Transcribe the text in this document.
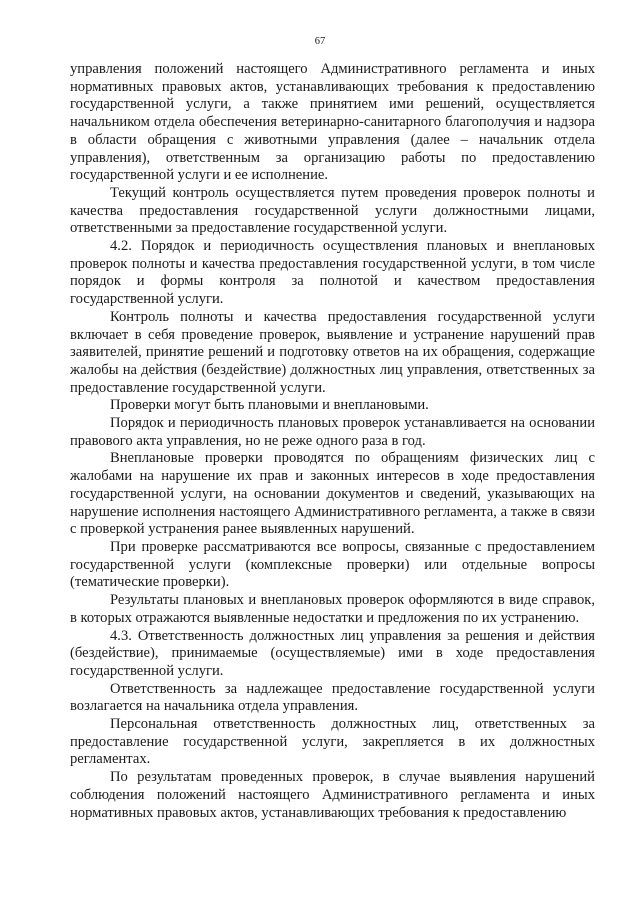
67

управления положений настоящего Административного регламента и иных нормативных правовых актов, устанавливающих требования к предоставлению государственной услуги, а также принятием ими решений, осуществляется начальником отдела обеспечения ветеринарно-санитарного благополучия и надзора в области обращения с животными управления (далее – начальник отдела управления), ответственным за организацию работы по предоставлению государственной услуги и ее исполнение.

Текущий контроль осуществляется путем проведения проверок полноты и качества предоставления государственной услуги должностными лицами, ответственными за предоставление государственной услуги.

4.2. Порядок и периодичность осуществления плановых и внеплановых проверок полноты и качества предоставления государственной услуги, в том числе порядок и формы контроля за полнотой и качеством предоставления государственной услуги.

Контроль полноты и качества предоставления государственной услуги включает в себя проведение проверок, выявление и устранение нарушений прав заявителей, принятие решений и подготовку ответов на их обращения, содержащие жалобы на действия (бездействие) должностных лиц управления, ответственных за предоставление государственной услуги.

Проверки могут быть плановыми и внеплановыми.

Порядок и периодичность плановых проверок устанавливается на основании правового акта управления, но не реже одного раза в год.

Внеплановые проверки проводятся по обращениям физических лиц с жалобами на нарушение их прав и законных интересов в ходе предоставления государственной услуги, на основании документов и сведений, указывающих на нарушение исполнения настоящего Административного регламента, а также в связи с проверкой устранения ранее выявленных нарушений.

При проверке рассматриваются все вопросы, связанные с предоставлением государственной услуги (комплексные проверки) или отдельные вопросы (тематические проверки).

Результаты плановых и внеплановых проверок оформляются в виде справок, в которых отражаются выявленные недостатки и предложения по их устранению.

4.3. Ответственность должностных лиц управления за решения и действия (бездействие), принимаемые (осуществляемые) ими в ходе предоставления государственной услуги.

Ответственность за надлежащее предоставление государственной услуги возлагается на начальника отдела управления.

Персональная ответственность должностных лиц, ответственных за предоставление государственной услуги, закрепляется в их должностных регламентах.

По результатам проведенных проверок, в случае выявления нарушений соблюдения положений настоящего Административного регламента и иных нормативных правовых актов, устанавливающих требования к предоставлению
